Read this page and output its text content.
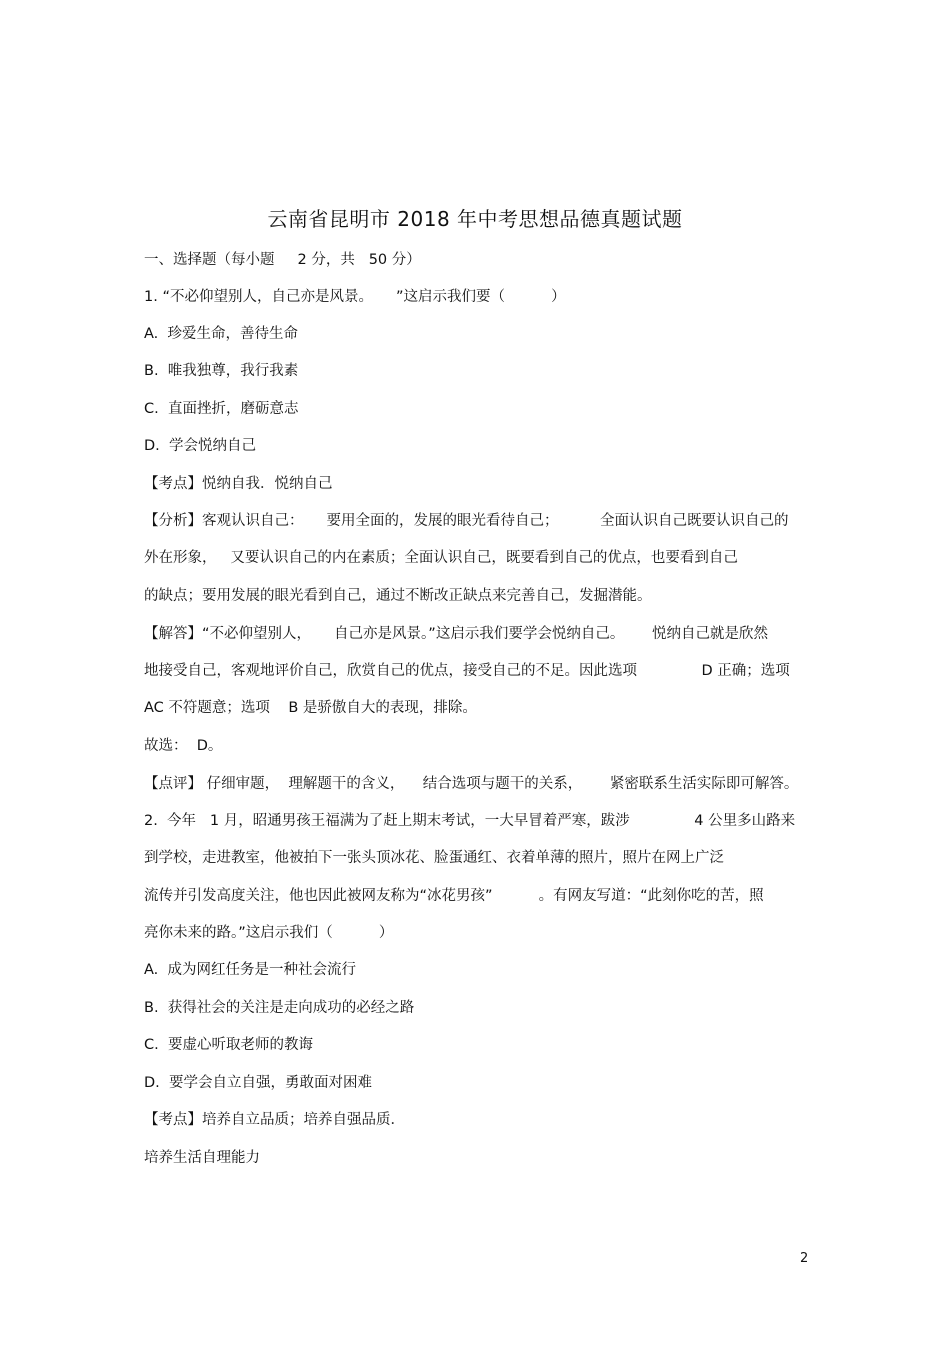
云南省昆明市 2018 年中考思想品德真题试题
一、选择题（每小题     2 分，共   50 分）
1. “不必仰望别人，自己亦是风景。     ”这启示我们要（          ）
A.  珍爱生命，善待生命
B.  唯我独尊，我行我素
C.  直面挫折，磨砺意志
D.  学会悦纳自己
【考点】悦纳自我．悦纳自己
【分析】客观认识自己：     要用全面的，发展的眼光看待自己；         全面认识自己既要认识自己的
外在形象，   又要认识自己的内在素质；全面认识自己，既要看到自己的优点，也要看到自己
的缺点；要用发展的眼光看到自己，通过不断改正缺点来完善自己，发掘潜能。
【解答】“不必仰望别人，     自己亦是风景。”这启示我们要学会悦纳自己。      悦纳自己就是欣然
地接受自己，客观地评价自己，欣赏自己的优点，接受自己的不足。因此选项              D 正确；选项
AC 不符题意；选项    B 是骄傲自大的表现，排除。
故选：  D。
【点评】 仔细审题，  理解题干的含义，    结合选项与题干的关系，      紧密联系生活实际即可解答。
2.  今年   1 月，昭通男孩王福满为了赶上期末考试，一大早冒着严寒，跋涉              4 公里多山路来
到学校，走进教室，他被拍下一张头顶冰花、脸蛋通红、衣着单薄的照片，照片在网上广泛
流传并引发高度关注，他也因此被网友称为“冰花男孩”          。有网友写道：“此刻你吃的苦，照
亮你未来的路。”这启示我们（          ）
A.  成为网红任务是一种社会流行
B.  获得社会的关注是走向成功的必经之路
C.  要虚心听取老师的教诲
D.  要学会自立自强，勇敢面对困难
【考点】培养自立品质；培养自强品质．
培养生活自理能力
2
